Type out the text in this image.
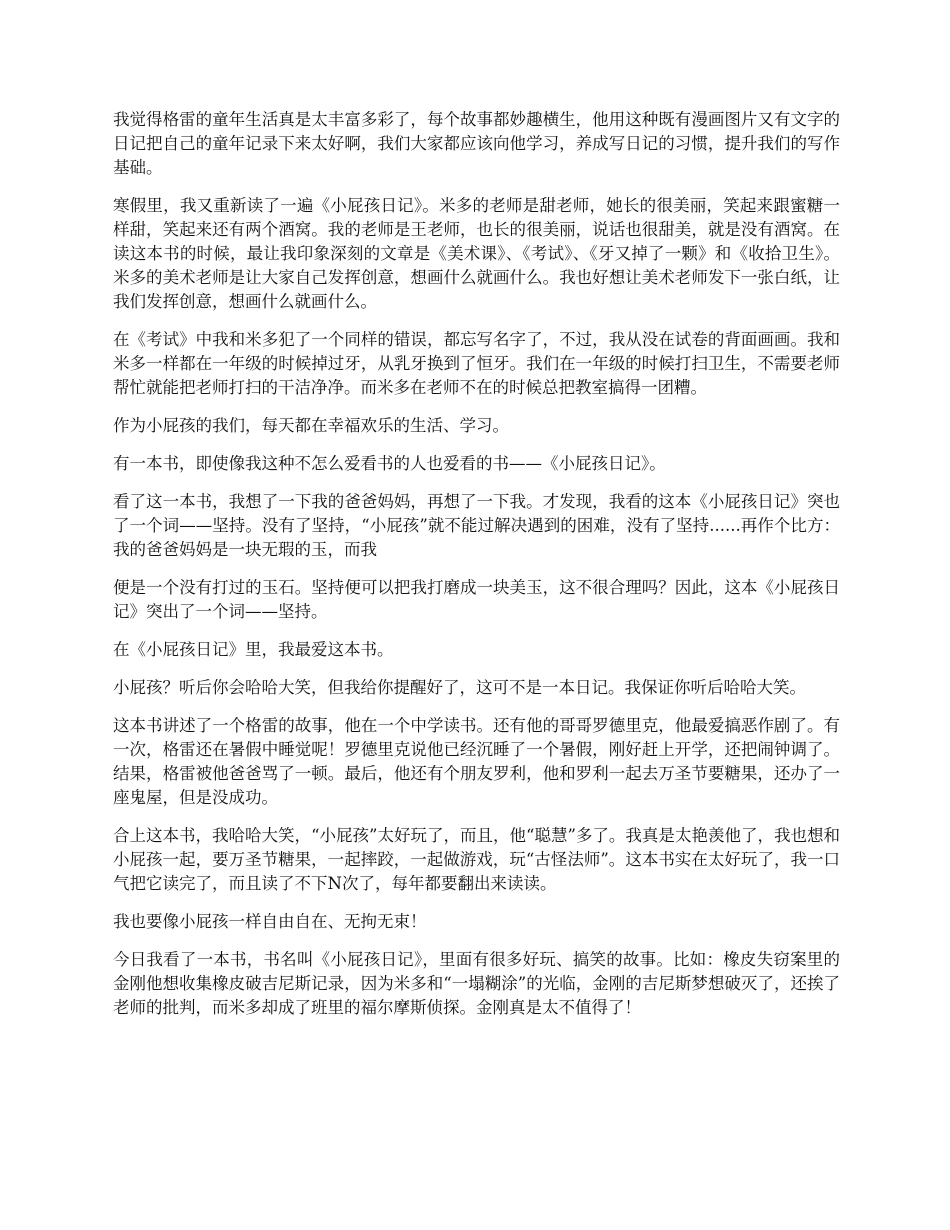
我觉得格雷的童年生活真是太丰富多彩了，每个故事都妙趣横生，他用这种既有漫画图片又有文字的日记把自己的童年记录下来太好啊，我们大家都应该向他学习，养成写日记的习惯，提升我们的写作基础。

寒假里，我又重新读了一遍《小屁孩日记》。米多的老师是甜老师，她长的很美丽，笑起来跟蜜糖一样甜，笑起来还有两个酒窝。我的老师是王老师，也长的很美丽，说话也很甜美，就是没有酒窝。在读这本书的时候，最让我印象深刻的文章是《美术课》、《考试》、《牙又掉了一颗》和《收拾卫生》。米多的美术老师是让大家自己发挥创意，想画什么就画什么。我也好想让美术老师发下一张白纸，让我们发挥创意，想画什么就画什么。

在《考试》中我和米多犯了一个同样的错误，都忘写名字了，不过，我从没在试卷的背面画画。我和米多一样都在一年级的时候掉过牙，从乳牙换到了恒牙。我们在一年级的时候打扫卫生，不需要老师帮忙就能把老师打扫的干洁净净。而米多在老师不在的时候总把教室搞得一团糟。

作为小屁孩的我们，每天都在幸福欢乐的生活、学习。

有一本书，即使像我这种不怎么爱看书的人也爱看的书——《小屁孩日记》。

看了这一本书，我想了一下我的爸爸妈妈，再想了一下我。才发现，我看的这本《小屁孩日记》突也了一个词——坚持。没有了坚持，“小屁孩”就不能过解决遇到的困难，没有了坚持......再作个比方：我的爸爸妈妈是一块无瑕的玉，而我

便是一个没有打过的玉石。坚持便可以把我打磨成一块美玉，这不很合理吗？因此，这本《小屁孩日记》突出了一个词——坚持。

在《小屁孩日记》里，我最爱这本书。

小屁孩？听后你会哈哈大笑，但我给你提醒好了，这可不是一本日记。我保证你听后哈哈大笑。

这本书讲述了一个格雷的故事，他在一个中学读书。还有他的哥哥罗德里克，他最爱搞恶作剧了。有一次，格雷还在暑假中睡觉呢！罗德里克说他已经沉睡了一个暑假，刚好赶上开学，还把闹钟调了。结果，格雷被他爸爸骂了一顿。最后，他还有个朋友罗利，他和罗利一起去万圣节要糖果，还办了一座鬼屋，但是没成功。

合上这本书，我哈哈大笑，“小屁孩”太好玩了，而且，他“聪慧”多了。我真是太艳羡他了，我也想和小屁孩一起，要万圣节糖果，一起摔跤，一起做游戏，玩“古怪法师”。这本书实在太好玩了，我一口气把它读完了，而且读了不下N次了，每年都要翻出来读读。

我也要像小屁孩一样自由自在、无拘无束！

今日我看了一本书，书名叫《小屁孩日记》，里面有很多好玩、搞笑的故事。比如：橡皮失窃案里的金刚他想收集橡皮破吉尼斯记录，因为米多和“一塌糊涂”的光临，金刚的吉尼斯梦想破灭了，还挨了老师的批判，而米多却成了班里的福尔摩斯侦探。金刚真是太不值得了！
